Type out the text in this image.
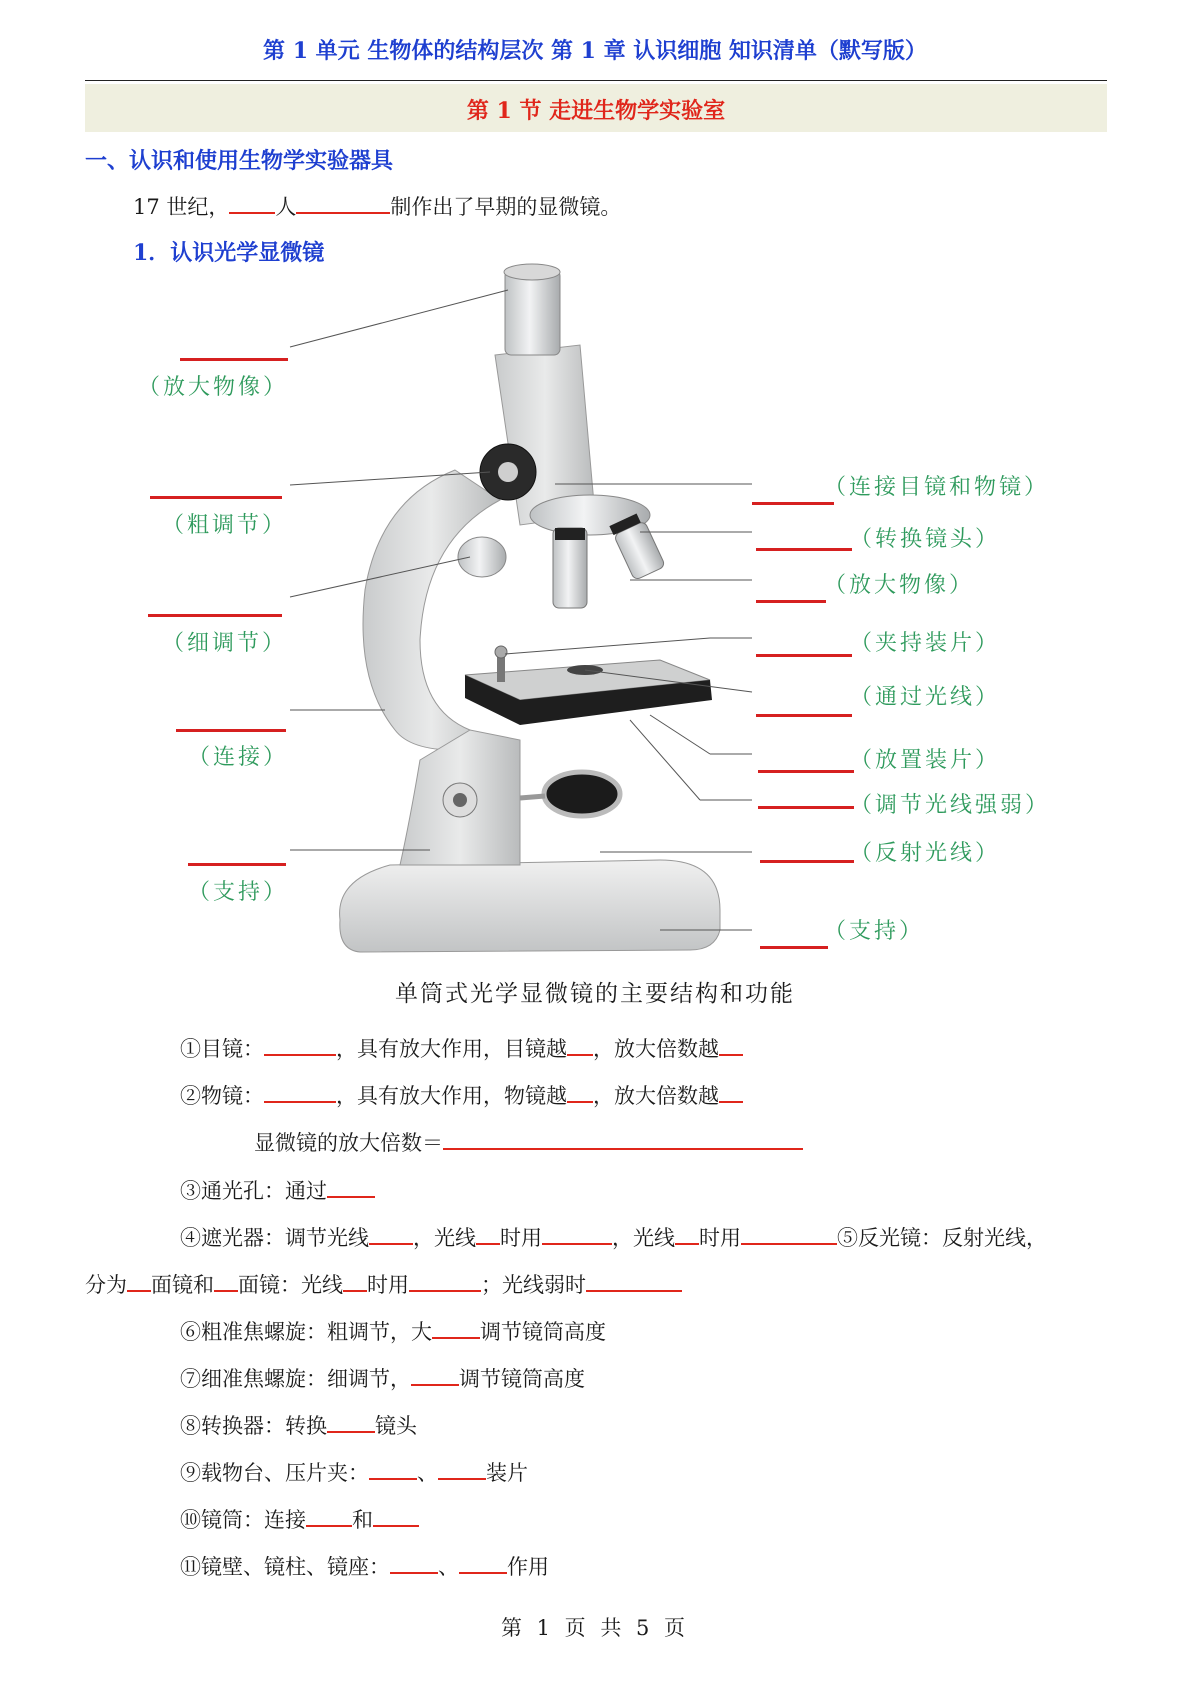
第 1 单元 生物体的结构层次 第 1 章 认识细胞 知识清单（默写版）
第 1 节 走进生物学实验室
一、认识和使用生物学实验器具
17 世纪， 人	制作出了早期的显微镜。
1．认识光学显微镜
（放大物像）
（粗调节）
（细调节）
（连接）
（支持）
（连接目镜和物镜）
（转换镜头）
（放大物像）
（夹持装片）
（通过光线）
（放置装片）
（调节光线强弱）
（反射光线）
（支持）
单筒式光学显微镜的主要结构和功能
①目镜：	，具有放大作用，目镜越 ，放大倍数越
②物镜：	，具有放大作用，物镜越 ，放大倍数越
显微镜的放大倍数＝
③通光孔：通过
④遮光器：调节光线 ，光线 时用	，光线 时用	⑤反光镜：反射光线，
分为 面镜和 面镜：光线 时用	；光线弱时
⑥粗准焦螺旋：粗调节，大 调节镜筒高度
⑦细准焦螺旋：细调节， 调节镜筒高度
⑧转换器：转换 镜头
⑨载物台、压片夹： 、 装片
⑩镜筒：连接 和
⑪镜壁、镜柱、镜座： 、 作用
第 1 页 共 5 页
